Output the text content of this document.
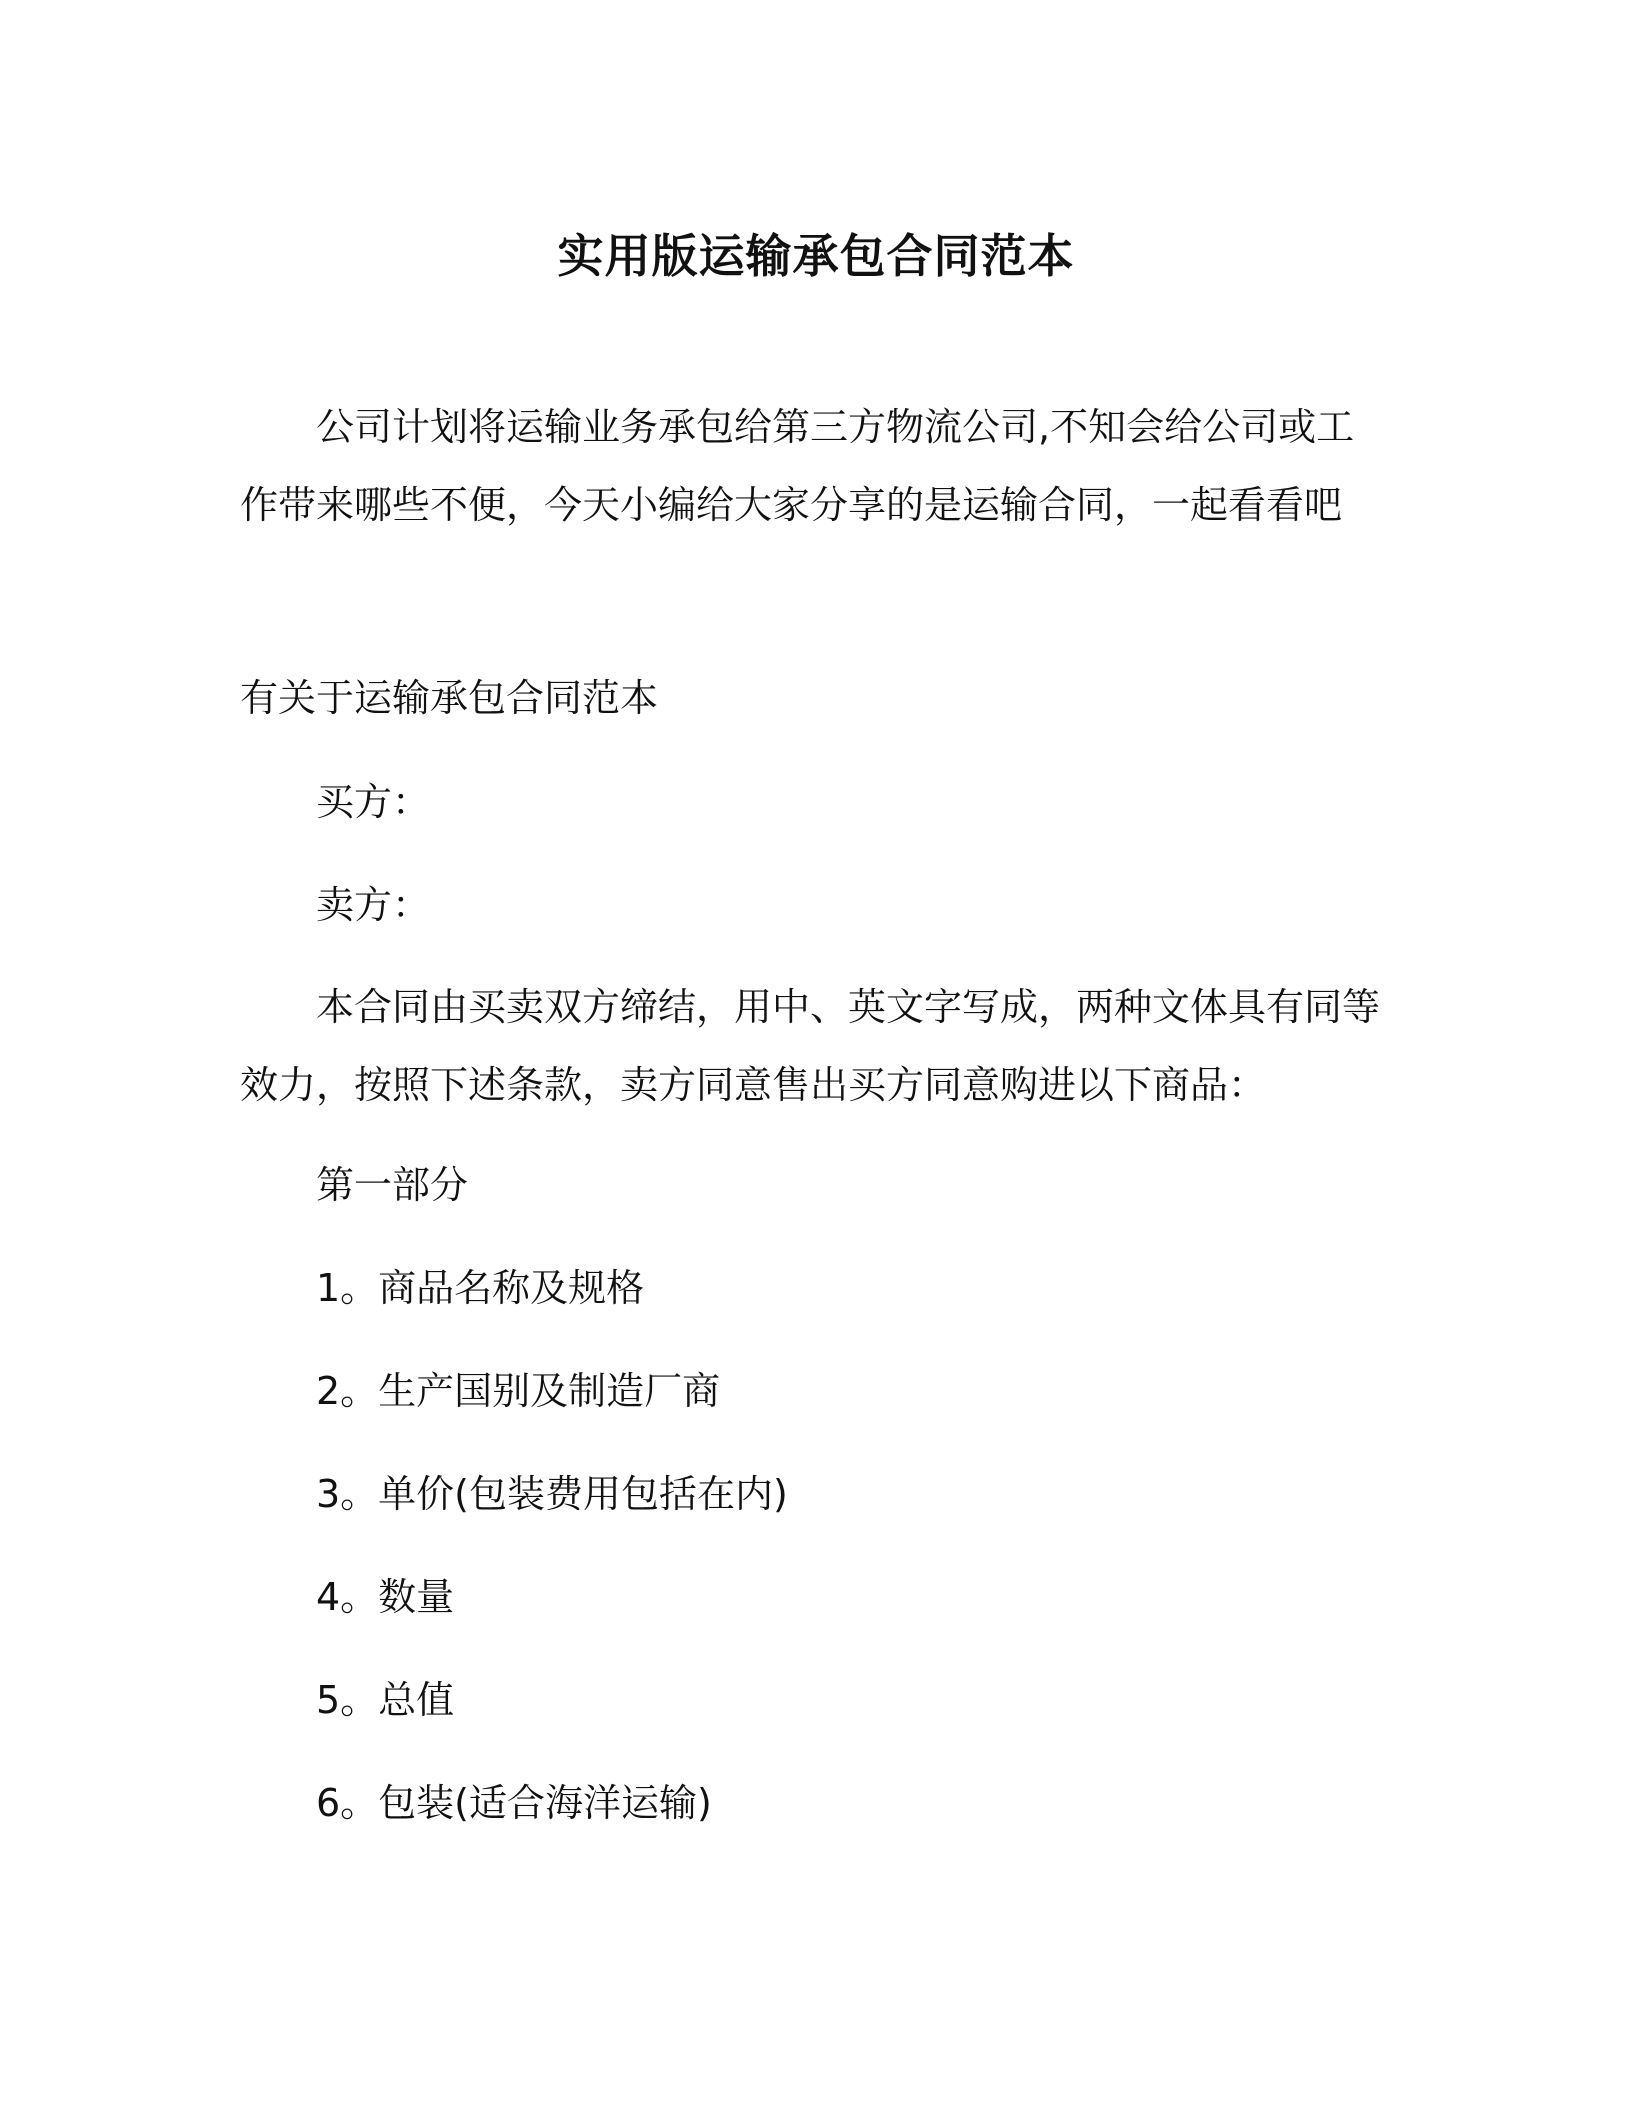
实用版运输承包合同范本

公司计划将运输业务承包给第三方物流公司,不知会给公司或工作带来哪些不便，今天小编给大家分享的是运输合同，一起看看吧

有关于运输承包合同范本
买方：
卖方：

本合同由买卖双方缔结，用中、英文字写成，两种文体具有同等效力，按照下述条款，卖方同意售出买方同意购进以下商品：

第一部分
1。商品名称及规格
2。生产国别及制造厂商
3。单价(包装费用包括在内)
4。数量
5。总值
6。包装(适合海洋运输)
